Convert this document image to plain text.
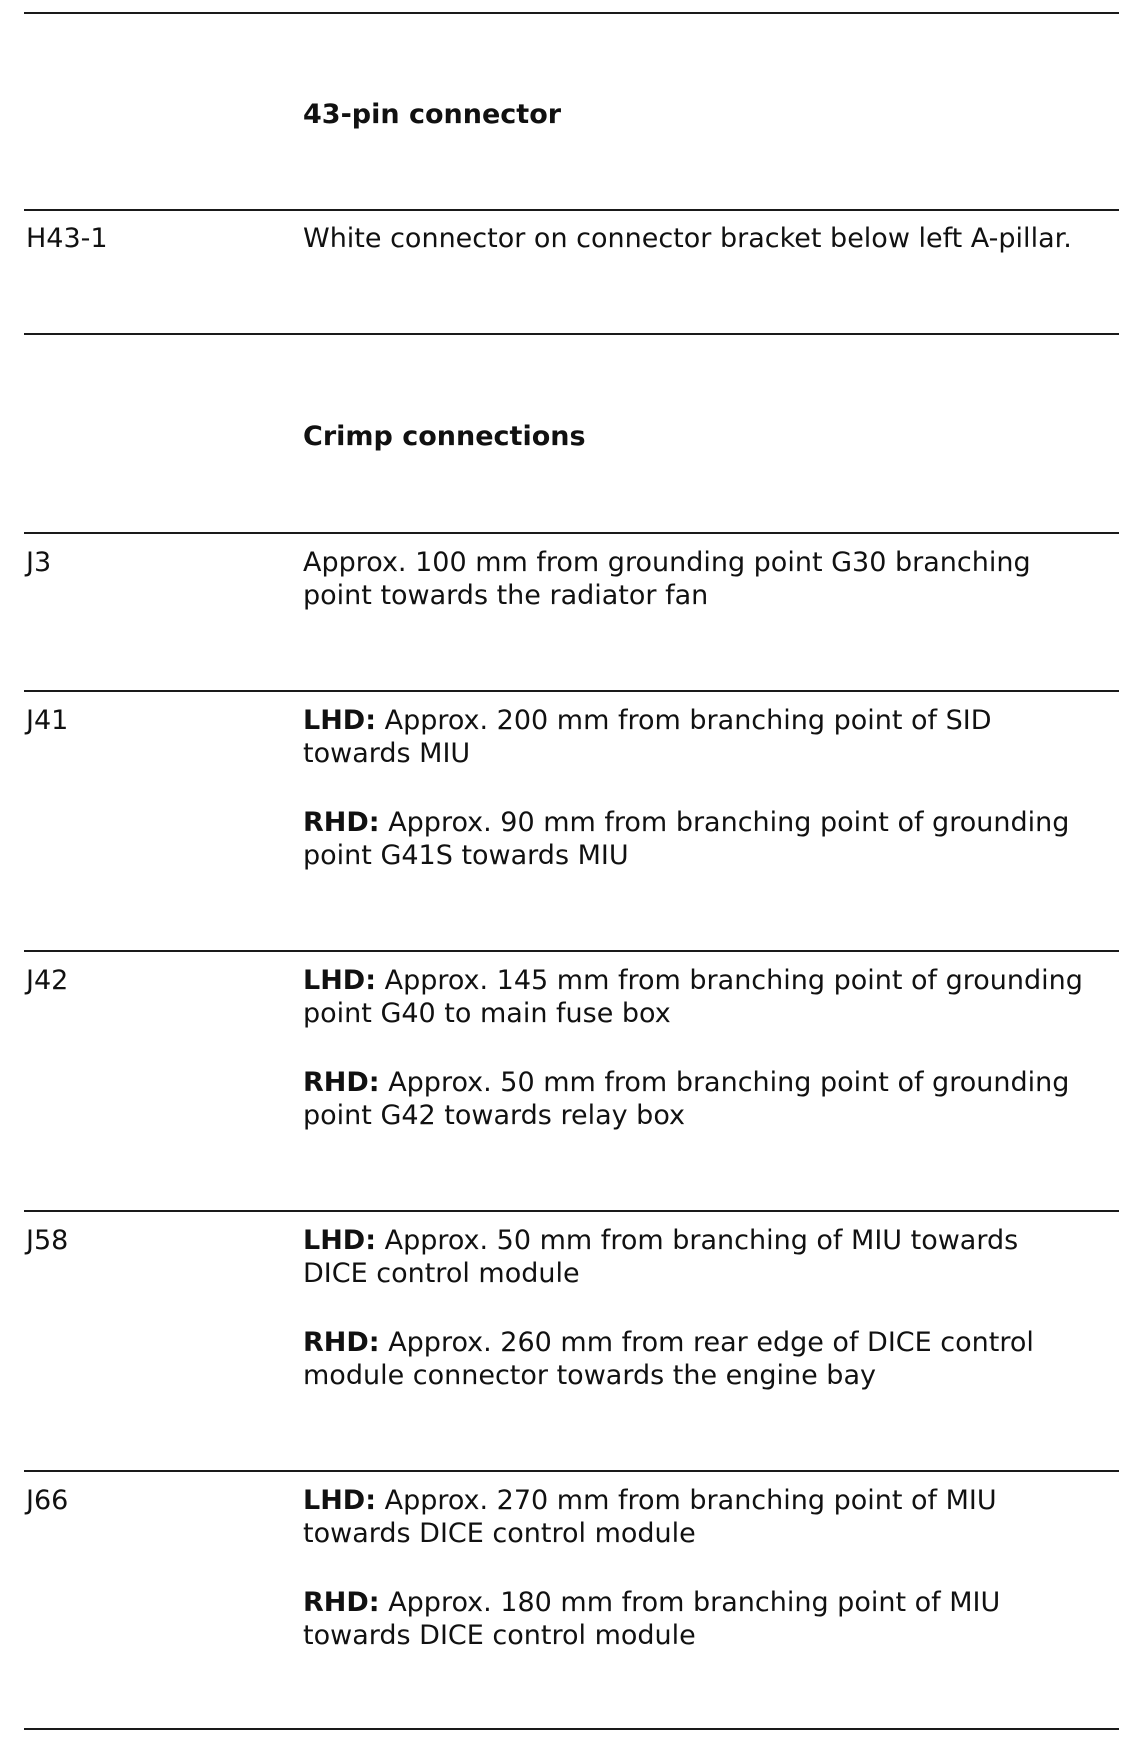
43-pin connector
H43-1	White connector on connector bracket below left A-pillar.
Crimp connections
J3	Approx. 100 mm from grounding point G30 branching
point towards the radiator fan
J41	LHD: Approx. 200 mm from branching point of SID
towards MIU
RHD: Approx. 90 mm from branching point of grounding
point G41S towards MIU
J42	LHD: Approx. 145 mm from branching point of grounding
point G40 to main fuse box
RHD: Approx. 50 mm from branching point of grounding
point G42 towards relay box
J58	LHD: Approx. 50 mm from branching of MIU towards
DICE control module
RHD: Approx. 260 mm from rear edge of DICE control
module connector towards the engine bay
J66	LHD: Approx. 270 mm from branching point of MIU
towards DICE control module
RHD: Approx. 180 mm from branching point of MIU
towards DICE control module
